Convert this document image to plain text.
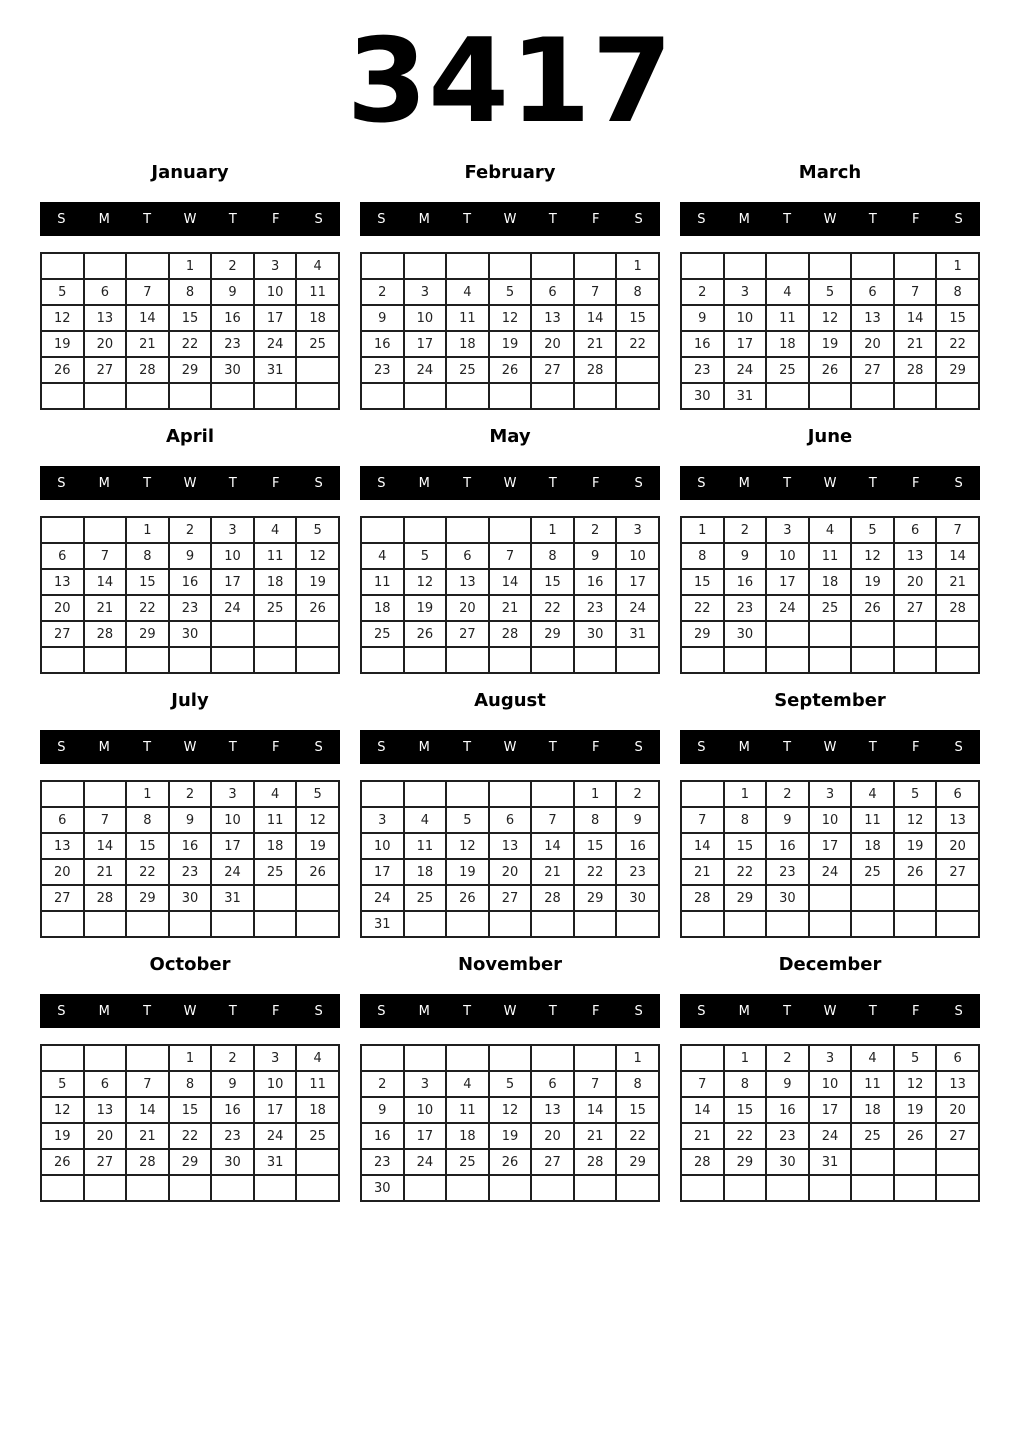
3417
January
S	M	T	W	T	F	S
			1	2	3	4
5	6	7	8	9	10	11
12	13	14	15	16	17	18
19	20	21	22	23	24	25
26	27	28	29	30	31	

February
S	M	T	W	T	F	S
						1
2	3	4	5	6	7	8
9	10	11	12	13	14	15
16	17	18	19	20	21	22
23	24	25	26	27	28	

March
S	M	T	W	T	F	S
						1
2	3	4	5	6	7	8
9	10	11	12	13	14	15
16	17	18	19	20	21	22
23	24	25	26	27	28	29
30	31					
April
S	M	T	W	T	F	S
		1	2	3	4	5
6	7	8	9	10	11	12
13	14	15	16	17	18	19
20	21	22	23	24	25	26
27	28	29	30			

May
S	M	T	W	T	F	S
				1	2	3
4	5	6	7	8	9	10
11	12	13	14	15	16	17
18	19	20	21	22	23	24
25	26	27	28	29	30	31

June
S	M	T	W	T	F	S
1	2	3	4	5	6	7
8	9	10	11	12	13	14
15	16	17	18	19	20	21
22	23	24	25	26	27	28
29	30					

July
S	M	T	W	T	F	S
		1	2	3	4	5
6	7	8	9	10	11	12
13	14	15	16	17	18	19
20	21	22	23	24	25	26
27	28	29	30	31		

August
S	M	T	W	T	F	S
					1	2
3	4	5	6	7	8	9
10	11	12	13	14	15	16
17	18	19	20	21	22	23
24	25	26	27	28	29	30
31						
September
S	M	T	W	T	F	S
	1	2	3	4	5	6
7	8	9	10	11	12	13
14	15	16	17	18	19	20
21	22	23	24	25	26	27
28	29	30				

October
S	M	T	W	T	F	S
			1	2	3	4
5	6	7	8	9	10	11
12	13	14	15	16	17	18
19	20	21	22	23	24	25
26	27	28	29	30	31	

November
S	M	T	W	T	F	S
						1
2	3	4	5	6	7	8
9	10	11	12	13	14	15
16	17	18	19	20	21	22
23	24	25	26	27	28	29
30						
December
S	M	T	W	T	F	S
	1	2	3	4	5	6
7	8	9	10	11	12	13
14	15	16	17	18	19	20
21	22	23	24	25	26	27
28	29	30	31			
